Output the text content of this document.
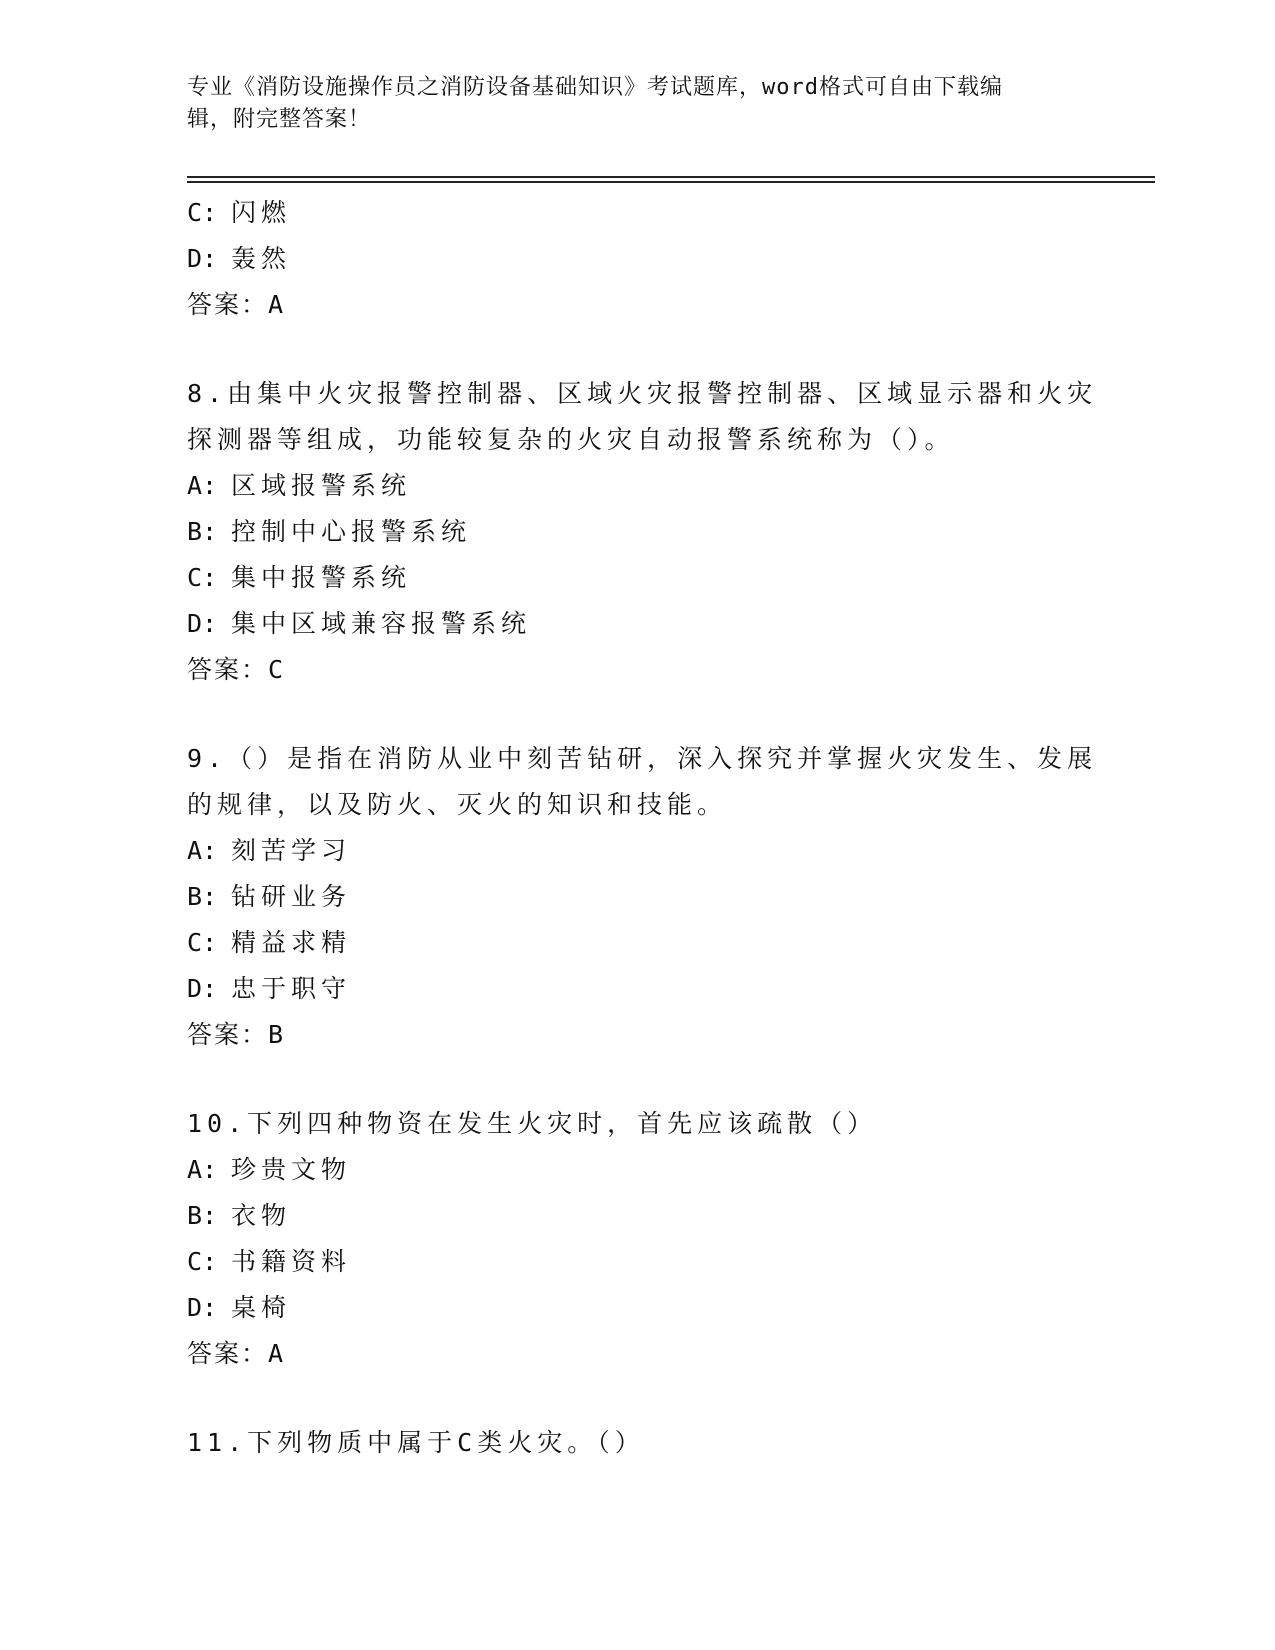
专业《消防设施操作员之消防设备基础知识》考试题库，word格式可自由下载编
辑，附完整答案！
C: 闪燃
D: 轰然
答案：A
8.由集中火灾报警控制器、区域火灾报警控制器、区域显示器和火灾
探测器等组成，功能较复杂的火灾自动报警系统称为（）。
A: 区域报警系统
B: 控制中心报警系统
C: 集中报警系统
D: 集中区域兼容报警系统
答案：C
9.（）是指在消防从业中刻苦钻研，深入探究并掌握火灾发生、发展
的规律，以及防火、灭火的知识和技能。
A: 刻苦学习
B: 钻研业务
C: 精益求精
D: 忠于职守
答案：B
10.下列四种物资在发生火灾时，首先应该疏散（）
A: 珍贵文物
B: 衣物
C: 书籍资料
D: 桌椅
答案：A
11.下列物质中属于C类火灾。（）
